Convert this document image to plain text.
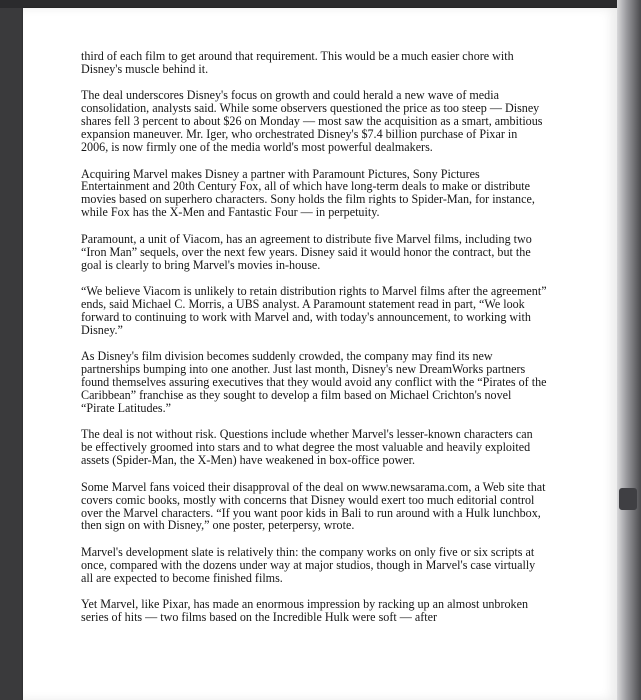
third of each film to get around that requirement. This would be a much easier chore with Disney's muscle behind it.

The deal underscores Disney's focus on growth and could herald a new wave of media consolidation, analysts said. While some observers questioned the price as too steep — Disney shares fell 3 percent to about $26 on Monday — most saw the acquisition as a smart, ambitious expansion maneuver. Mr. Iger, who orchestrated Disney's $7.4 billion purchase of Pixar in 2006, is now firmly one of the media world's most powerful dealmakers.

Acquiring Marvel makes Disney a partner with Paramount Pictures, Sony Pictures Entertainment and 20th Century Fox, all of which have long-term deals to make or distribute movies based on superhero characters. Sony holds the film rights to Spider-Man, for instance, while Fox has the X-Men and Fantastic Four — in perpetuity.

Paramount, a unit of Viacom, has an agreement to distribute five Marvel films, including two “Iron Man” sequels, over the next few years. Disney said it would honor the contract, but the goal is clearly to bring Marvel's movies in-house.

“We believe Viacom is unlikely to retain distribution rights to Marvel films after the agreement” ends, said Michael C. Morris, a UBS analyst. A Paramount statement read in part, “We look forward to continuing to work with Marvel and, with today's announcement, to working with Disney.”

As Disney's film division becomes suddenly crowded, the company may find its new partnerships bumping into one another. Just last month, Disney's new DreamWorks partners found themselves assuring executives that they would avoid any conflict with the “Pirates of the Caribbean” franchise as they sought to develop a film based on Michael Crichton's novel “Pirate Latitudes.”

The deal is not without risk. Questions include whether Marvel's lesser-known characters can be effectively groomed into stars and to what degree the most valuable and heavily exploited assets (Spider-Man, the X-Men) have weakened in box-office power.

Some Marvel fans voiced their disapproval of the deal on www.newsarama.com, a Web site that covers comic books, mostly with concerns that Disney would exert too much editorial control over the Marvel characters. “If you want poor kids in Bali to run around with a Hulk lunchbox, then sign on with Disney,” one poster, peterpersy, wrote.

Marvel's development slate is relatively thin: the company works on only five or six scripts at once, compared with the dozens under way at major studios, though in Marvel's case virtually all are expected to become finished films.

Yet Marvel, like Pixar, has made an enormous impression by racking up an almost unbroken series of hits — two films based on the Incredible Hulk were soft — after
